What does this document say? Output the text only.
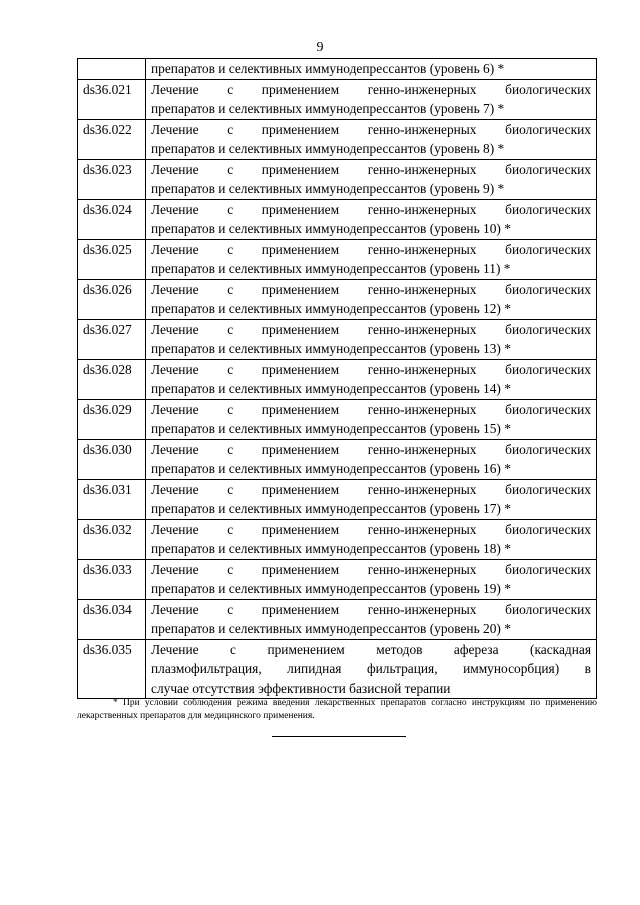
9

	препаратов и селективных иммунодепрессантов (уровень 6) *

ds36.021	Лечение с применением генно-инженерных биологических
препаратов и селективных иммунодепрессантов (уровень 7) *

ds36.022	Лечение с применением генно-инженерных биологических
препаратов и селективных иммунодепрессантов (уровень 8) *

ds36.023	Лечение с применением генно-инженерных биологических
препаратов и селективных иммунодепрессантов (уровень 9) *

ds36.024	Лечение с применением генно-инженерных биологических
препаратов и селективных иммунодепрессантов (уровень 10) *

ds36.025	Лечение с применением генно-инженерных биологических
препаратов и селективных иммунодепрессантов (уровень 11) *

ds36.026	Лечение с применением генно-инженерных биологических
препаратов и селективных иммунодепрессантов (уровень 12) *

ds36.027	Лечение с применением генно-инженерных биологических
препаратов и селективных иммунодепрессантов (уровень 13) *

ds36.028	Лечение с применением генно-инженерных биологических
препаратов и селективных иммунодепрессантов (уровень 14) *

ds36.029	Лечение с применением генно-инженерных биологических
препаратов и селективных иммунодепрессантов (уровень 15) *

ds36.030	Лечение с применением генно-инженерных биологических
препаратов и селективных иммунодепрессантов (уровень 16) *

ds36.031	Лечение с применением генно-инженерных биологических
препаратов и селективных иммунодепрессантов (уровень 17) *

ds36.032	Лечение с применением генно-инженерных биологических
препаратов и селективных иммунодепрессантов (уровень 18) *

ds36.033	Лечение с применением генно-инженерных биологических
препаратов и селективных иммунодепрессантов (уровень 19) *

ds36.034	Лечение с применением генно-инженерных биологических
препаратов и селективных иммунодепрессантов (уровень 20) *

ds36.035	Лечение с применением методов афереза (каскадная
плазмофильтрация, липидная фильтрация, иммуносорбция) в
случае отсутствия эффективности базисной терапии
* При условии соблюдения режима введения лекарственных препаратов согласно инструкциям по применению лекарственных препаратов для медицинского применения.
